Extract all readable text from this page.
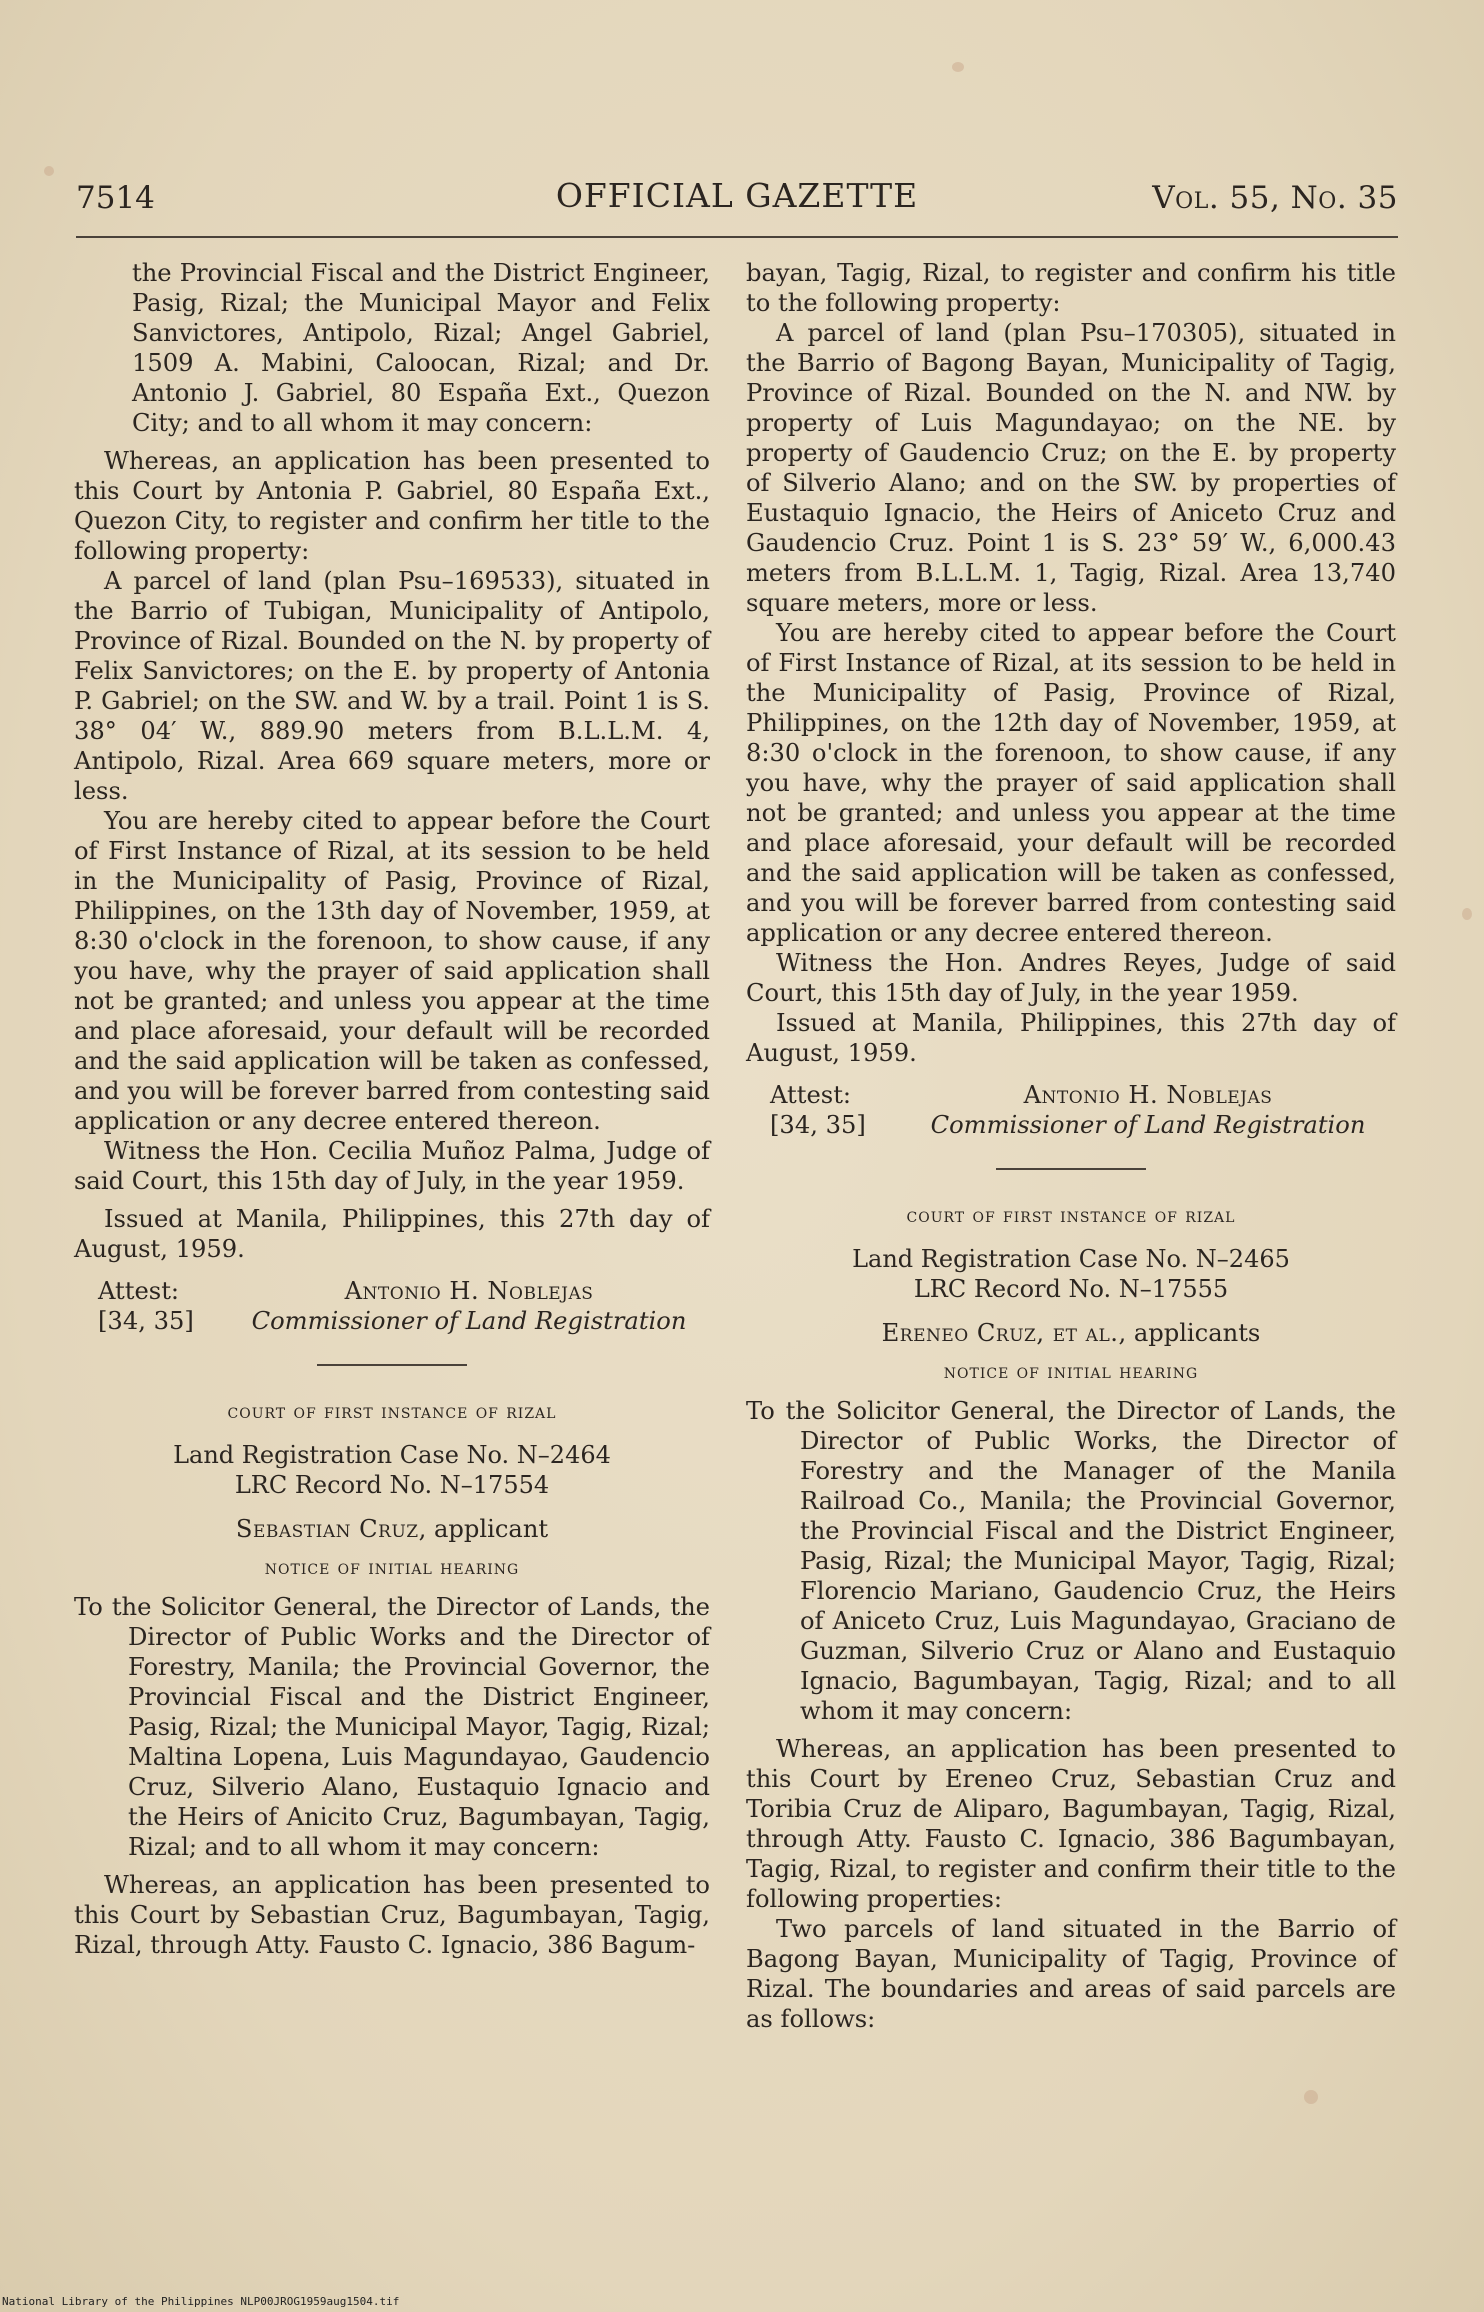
7514	OFFICIAL GAZETTE	Vol. 55, No. 35

the Provincial Fiscal and the District Engineer, Pasig, Rizal; the Municipal Mayor and Felix Sanvictores, Antipolo, Rizal; Angel Gabriel, 1509 A. Mabini, Caloocan, Rizal; and Dr. Antonio J. Gabriel, 80 España Ext., Quezon City; and to all whom it may concern:

Whereas, an application has been presented to this Court by Antonia P. Gabriel, 80 España Ext., Quezon City, to register and confirm her title to the following property:

A parcel of land (plan Psu–169533), situated in the Barrio of Tubigan, Municipality of Antipolo, Province of Rizal. Bounded on the N. by property of Felix Sanvictores; on the E. by property of Antonia P. Gabriel; on the SW. and W. by a trail. Point 1 is S. 38° 04′ W., 889.90 meters from B.L.L.M. 4, Antipolo, Rizal. Area 669 square meters, more or less.

You are hereby cited to appear before the Court of First Instance of Rizal, at its session to be held in the Municipality of Pasig, Province of Rizal, Philippines, on the 13th day of November, 1959, at 8:30 o'clock in the forenoon, to show cause, if any you have, why the prayer of said application shall not be granted; and unless you appear at the time and place aforesaid, your default will be recorded and the said application will be taken as confessed, and you will be forever barred from contesting said application or any decree entered thereon.

Witness the Hon. Cecilia Muñoz Palma, Judge of said Court, this 15th day of July, in the year 1959.

Issued at Manila, Philippines, this 27th day of August, 1959.

Attest:
[34, 35]
Antonio H. Noblejas
Commissioner of Land Registration
court of first instance of rizal
Land Registration Case No. N–2464
LRC Record No. N–17554
Sebastian Cruz, applicant
notice of initial hearing

To the Solicitor General, the Director of Lands, the Director of Public Works and the Director of Forestry, Manila; the Provincial Governor, the Provincial Fiscal and the District Engineer, Pasig, Rizal; the Municipal Mayor, Tagig, Rizal; Maltina Lopena, Luis Magundayao, Gaudencio Cruz, Silverio Alano, Eustaquio Ignacio and the Heirs of Anicito Cruz, Bagumbayan, Tagig, Rizal; and to all whom it may concern:

Whereas, an application has been presented to this Court by Sebastian Cruz, Bagumbayan, Tagig, Rizal, through Atty. Fausto C. Ignacio, 386 Bagum-

bayan, Tagig, Rizal, to register and confirm his title to the following property:

A parcel of land (plan Psu–170305), situated in the Barrio of Bagong Bayan, Municipality of Tagig, Province of Rizal. Bounded on the N. and NW. by property of Luis Magundayao; on the NE. by property of Gaudencio Cruz; on the E. by property of Silverio Alano; and on the SW. by properties of Eustaquio Ignacio, the Heirs of Aniceto Cruz and Gaudencio Cruz. Point 1 is S. 23° 59′ W., 6,000.43 meters from B.L.L.M. 1, Tagig, Rizal. Area 13,740 square meters, more or less.

You are hereby cited to appear before the Court of First Instance of Rizal, at its session to be held in the Municipality of Pasig, Province of Rizal, Philippines, on the 12th day of November, 1959, at 8:30 o'clock in the forenoon, to show cause, if any you have, why the prayer of said application shall not be granted; and unless you appear at the time and place aforesaid, your default will be recorded and the said application will be taken as confessed, and you will be forever barred from contesting said application or any decree entered thereon.

Witness the Hon. Andres Reyes, Judge of said Court, this 15th day of July, in the year 1959.

Issued at Manila, Philippines, this 27th day of August, 1959.

Attest:
[34, 35]
Antonio H. Noblejas
Commissioner of Land Registration
court of first instance of rizal
Land Registration Case No. N–2465
LRC Record No. N–17555
Ereneo Cruz, et al., applicants
notice of initial hearing

To the Solicitor General, the Director of Lands, the Director of Public Works, the Director of Forestry and the Manager of the Manila Railroad Co., Manila; the Provincial Governor, the Provincial Fiscal and the District Engineer, Pasig, Rizal; the Municipal Mayor, Tagig, Rizal; Florencio Mariano, Gaudencio Cruz, the Heirs of Aniceto Cruz, Luis Magundayao, Graciano de Guzman, Silverio Cruz or Alano and Eustaquio Ignacio, Bagumbayan, Tagig, Rizal; and to all whom it may concern:

Whereas, an application has been presented to this Court by Ereneo Cruz, Sebastian Cruz and Toribia Cruz de Aliparo, Bagumbayan, Tagig, Rizal, through Atty. Fausto C. Ignacio, 386 Bagumbayan, Tagig, Rizal, to register and confirm their title to the following properties:

Two parcels of land situated in the Barrio of Bagong Bayan, Municipality of Tagig, Province of Rizal. The boundaries and areas of said parcels are as follows:

National Library of the Philippines NLP00JROG1959aug1504.tif
